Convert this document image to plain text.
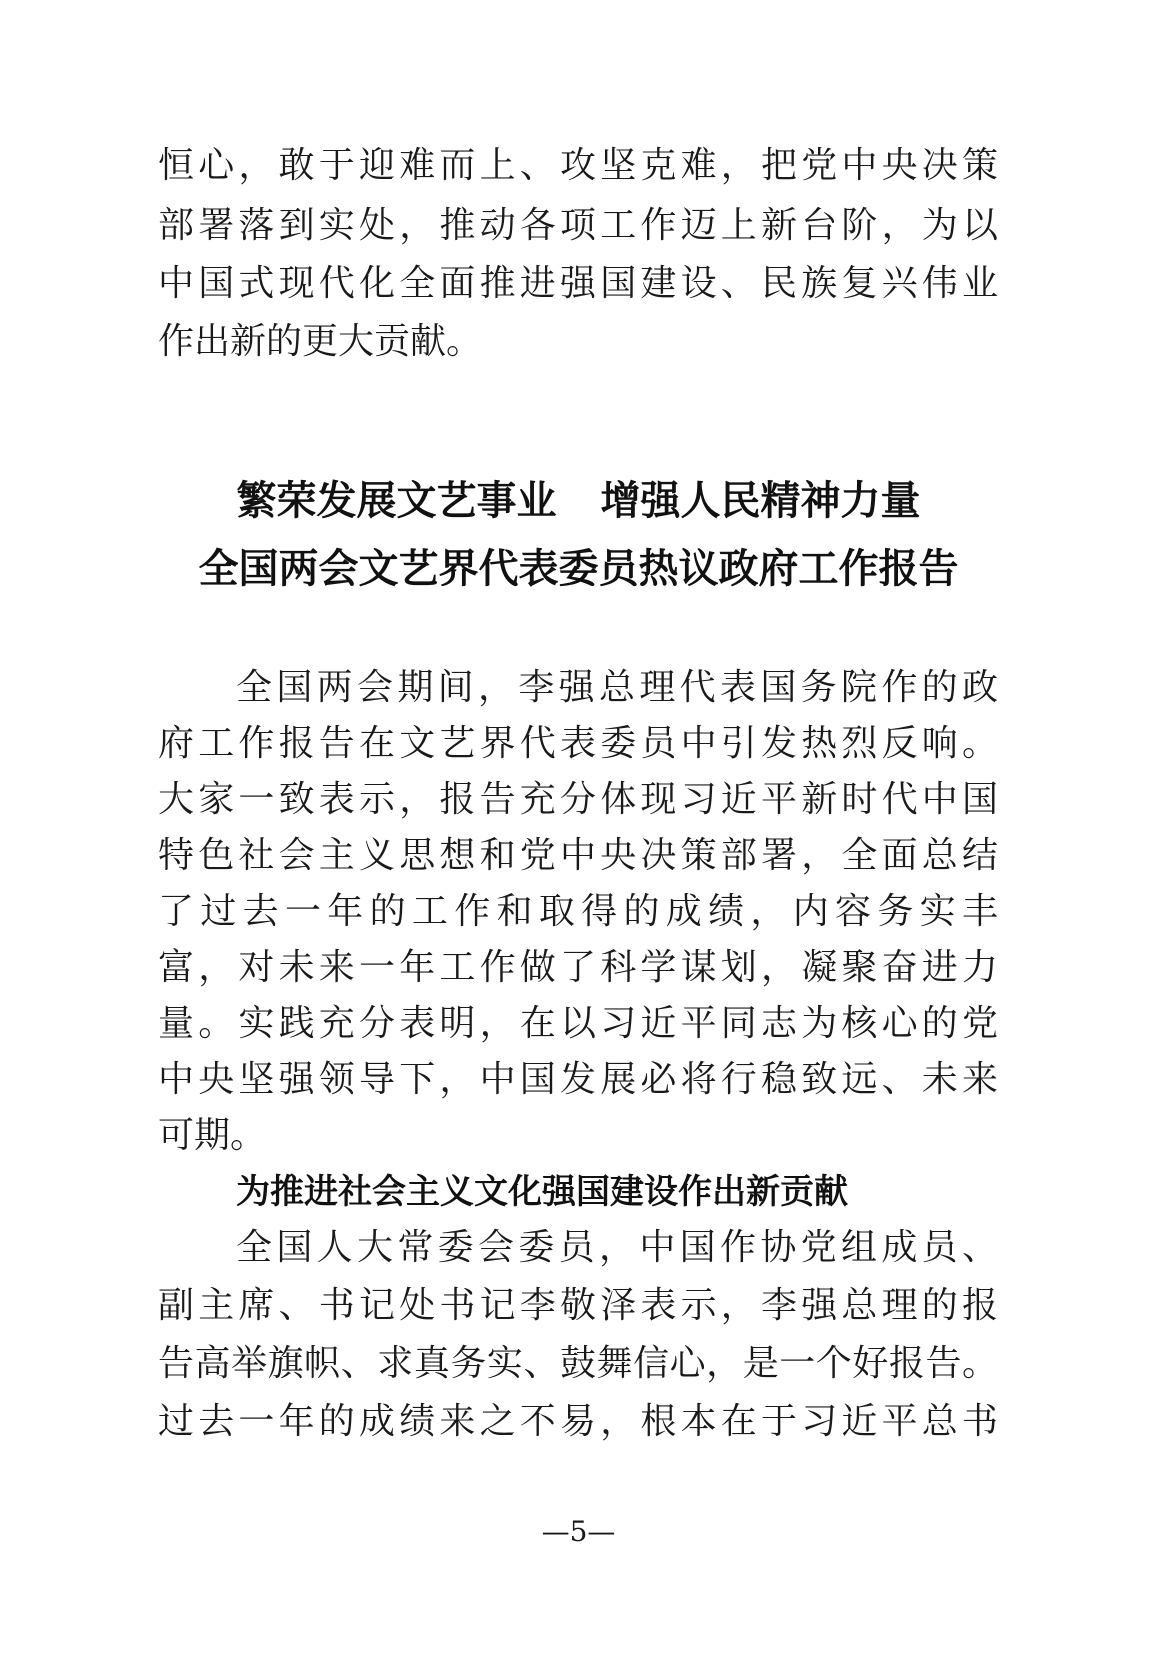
恒心，敢于迎难而上、攻坚克难，把党中央决策
部署落到实处，推动各项工作迈上新台阶，为以
中国式现代化全面推进强国建设、民族复兴伟业
作出新的更大贡献。
繁荣发展文艺事业 增强人民精神力量
全国两会文艺界代表委员热议政府工作报告
全国两会期间，李强总理代表国务院作的政
府工作报告在文艺界代表委员中引发热烈反响。
大家一致表示，报告充分体现习近平新时代中国
特色社会主义思想和党中央决策部署，全面总结
了过去一年的工作和取得的成绩，内容务实丰
富，对未来一年工作做了科学谋划，凝聚奋进力
量。实践充分表明，在以习近平同志为核心的党
中央坚强领导下，中国发展必将行稳致远、未来
可期。
为推进社会主义文化强国建设作出新贡献
全国人大常委会委员，中国作协党组成员、
副主席、书记处书记李敬泽表示，李强总理的报
告高举旗帜、求真务实、鼓舞信心，是一个好报告。
过去一年的成绩来之不易，根本在于习近平总书
—5—
